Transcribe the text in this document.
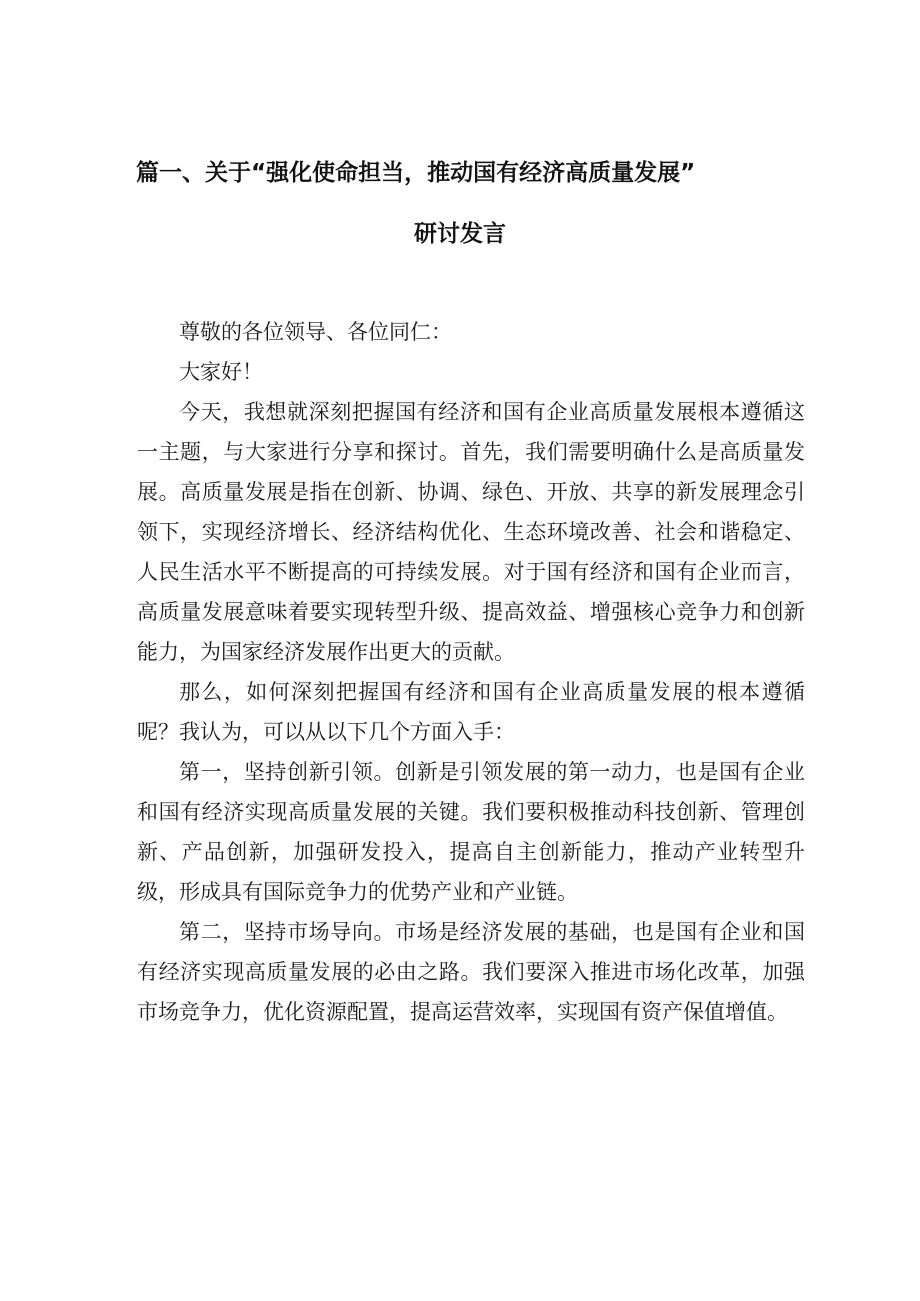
篇一、关于“强化使命担当，推动国有经济高质量发展”
研讨发言

尊敬的各位领导、各位同仁：

大家好！

今天，我想就深刻把握国有经济和国有企业高质量发展根本遵循这一主题，与大家进行分享和探讨。首先，我们需要明确什么是高质量发展。高质量发展是指在创新、协调、绿色、开放、共享的新发展理念引领下，实现经济增长、经济结构优化、生态环境改善、社会和谐稳定、人民生活水平不断提高的可持续发展。对于国有经济和国有企业而言，高质量发展意味着要实现转型升级、提高效益、增强核心竞争力和创新能力，为国家经济发展作出更大的贡献。

那么，如何深刻把握国有经济和国有企业高质量发展的根本遵循呢？我认为，可以从以下几个方面入手：

第一，坚持创新引领。创新是引领发展的第一动力，也是国有企业和国有经济实现高质量发展的关键。我们要积极推动科技创新、管理创新、产品创新，加强研发投入，提高自主创新能力，推动产业转型升级，形成具有国际竞争力的优势产业和产业链。

第二，坚持市场导向。市场是经济发展的基础，也是国有企业和国有经济实现高质量发展的必由之路。我们要深入推进市场化改革，加强市场竞争力，优化资源配置，提高运营效率，实现国有资产保值增值。
